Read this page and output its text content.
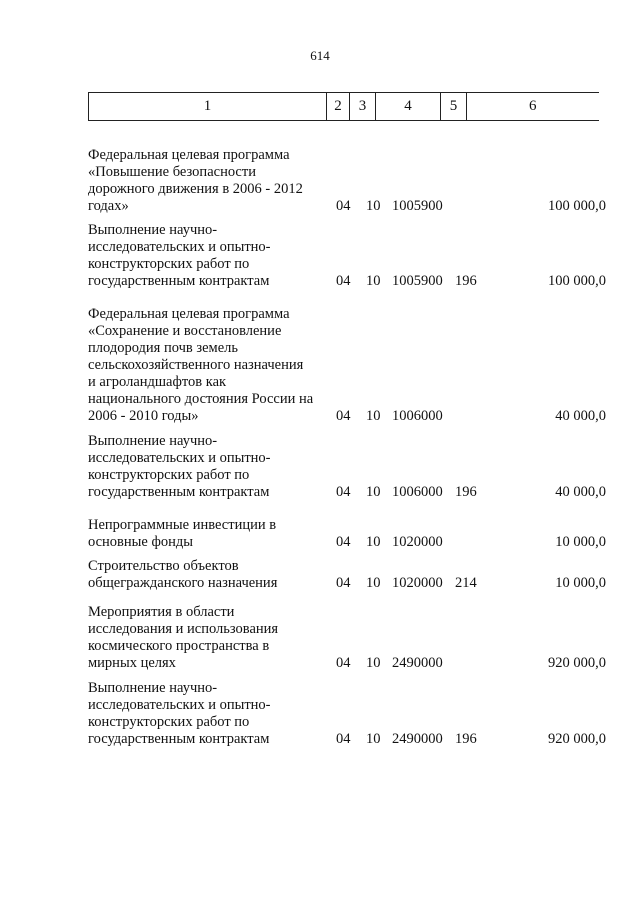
614
1	2	3	4	5	6
Федеральная целевая программа
«Повышение безопасности
дорожного движения в 2006 - 2012
годах»	04 10 1005900	100 000,0
Выполнение научно-
исследовательских и опытно-
конструкторских работ по
государственным контрактам	04 10 1005900 196	100 000,0
Федеральная целевая программа
«Сохранение и восстановление
плодородия почв земель
сельскохозяйственного назначения
и агроландшафтов как
национального достояния России на
2006 - 2010 годы»	04 10 1006000	40 000,0
Выполнение научно-
исследовательских и опытно-
конструкторских работ по
государственным контрактам	04 10 1006000 196	40 000,0
Непрограммные инвестиции в
основные фонды	04 10 1020000	10 000,0
Строительство объектов
общегражданского назначения	04 10 1020000 214	10 000,0
Мероприятия в области
исследования и использования
космического пространства в
мирных целях	04 10 2490000	920 000,0
Выполнение научно-
исследовательских и опытно-
конструкторских работ по
государственным контрактам	04 10 2490000 196	920 000,0
